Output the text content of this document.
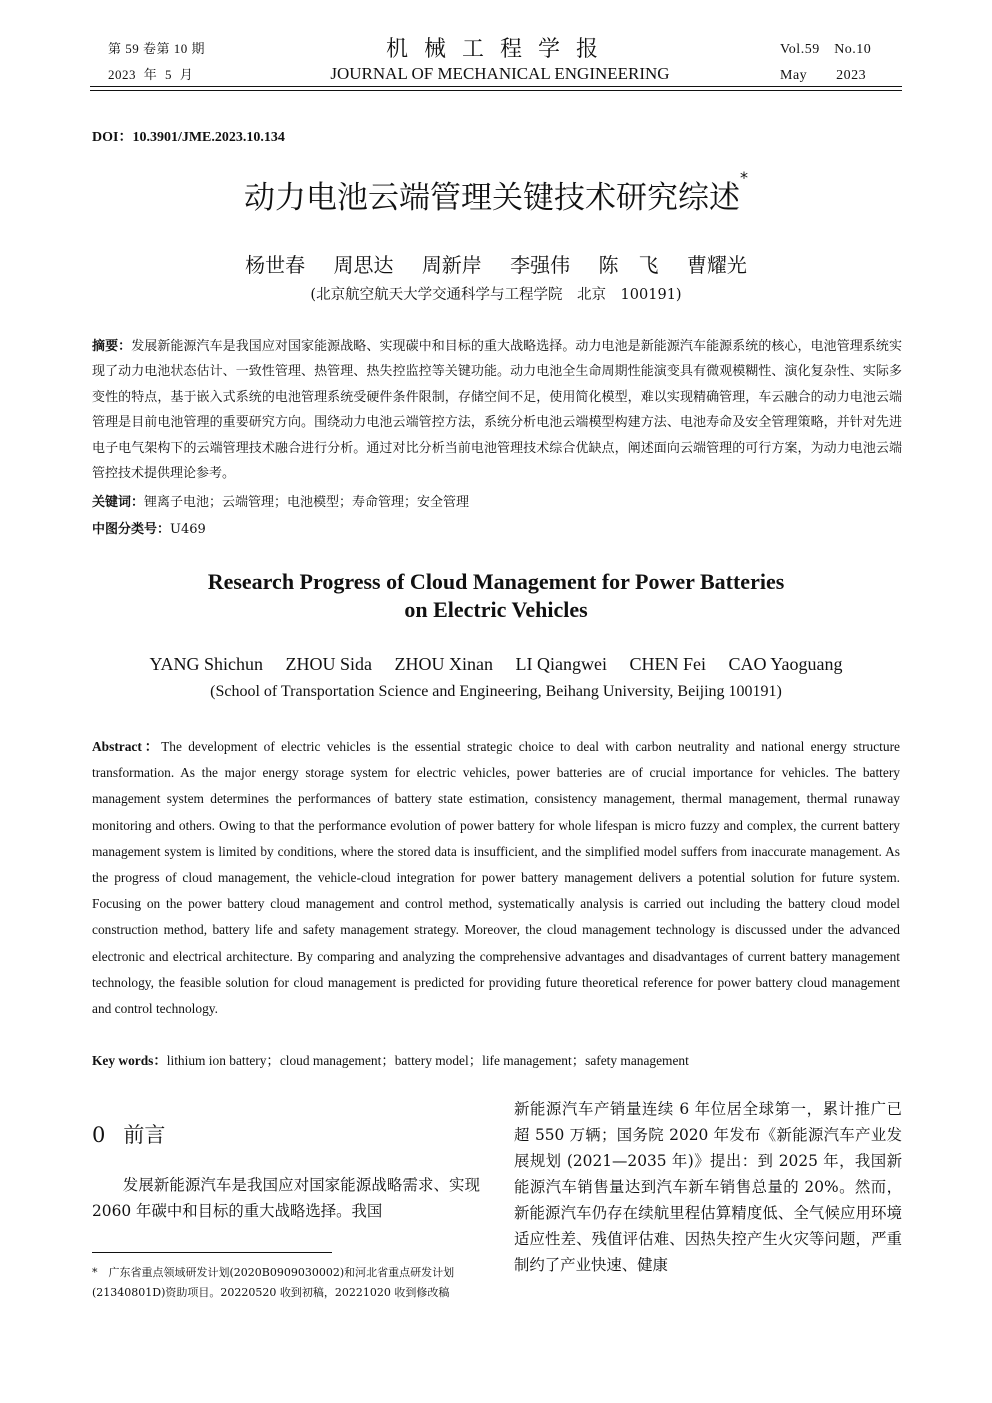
第 59 卷第 10 期
2023 年 5 月
机械工程学报
JOURNAL OF MECHANICAL ENGINEERING
Vol.59　No.10
May　　2023
DOI：10.3901/JME.2023.10.134
动力电池云端管理关键技术研究综述*
杨世春 周思达 周新岸 李强伟 陈　飞 曹耀光
(北京航空航天大学交通科学与工程学院　北京　100191)
摘要：发展新能源汽车是我国应对国家能源战略、实现碳中和目标的重大战略选择。动力电池是新能源汽车能源系统的核心，电池管理系统实现了动力电池状态估计、一致性管理、热管理、热失控监控等关键功能。动力电池全生命周期性能演变具有微观模糊性、演化复杂性、实际多变性的特点，基于嵌入式系统的电池管理系统受硬件条件限制，存储空间不足，使用简化模型，难以实现精确管理，车云融合的动力电池云端管理是目前电池管理的重要研究方向。围绕动力电池云端管控方法，系统分析电池云端模型构建方法、电池寿命及安全管理策略，并针对先进电子电气架构下的云端管理技术融合进行分析。通过对比分析当前电池管理技术综合优缺点，阐述面向云端管理的可行方案，为动力电池云端管控技术提供理论参考。
关键词：锂离子电池；云端管理；电池模型；寿命管理；安全管理
中图分类号：U469
Research Progress of Cloud Management for Power Batteries
on Electric Vehicles
YANG Shichun ZHOU Sida ZHOU Xinan LI Qiangwei CHEN Fei CAO Yaoguang
(School of Transportation Science and Engineering, Beihang University, Beijing 100191)
Abstract：The development of electric vehicles is the essential strategic choice to deal with carbon neutrality and national energy structure transformation. As the major energy storage system for electric vehicles, power batteries are of crucial importance for vehicles. The battery management system determines the performances of battery state estimation, consistency management, thermal management, thermal runaway monitoring and others. Owing to that the performance evolution of power battery for whole lifespan is micro fuzzy and complex, the current battery management system is limited by conditions, where the stored data is insufficient, and the simplified model suffers from inaccurate management. As the progress of cloud management, the vehicle-cloud integration for power battery management delivers a potential solution for future system. Focusing on the power battery cloud management and control method, systematically analysis is carried out including the battery cloud model construction method, battery life and safety management strategy. Moreover, the cloud management technology is discussed under the advanced electronic and electrical architecture. By comparing and analyzing the comprehensive advantages and disadvantages of current battery management technology, the feasible solution for cloud management is predicted for providing future theoretical reference for power battery cloud management and control technology.
Key words：lithium ion battery；cloud management；battery model；life management；safety management
0 前言
发展新能源汽车是我国应对国家能源战略需求、实现 2060 年碳中和目标的重大战略选择。我国
新能源汽车产销量连续 6 年位居全球第一，累计推广已超 550 万辆；国务院 2020 年发布《新能源汽车产业发展规划 (2021—2035 年)》提出：到 2025 年，我国新能源汽车销售量达到汽车新车销售总量的 20%。然而，新能源汽车仍存在续航里程估算精度低、全气候应用环境适应性差、残值评估难、因热失控产生火灾等问题，严重制约了产业快速、健康
*　广东省重点领域研发计划(2020B0909030002)和河北省重点研发计划(21340801D)资助项目。20220520 收到初稿，20221020 收到修改稿
